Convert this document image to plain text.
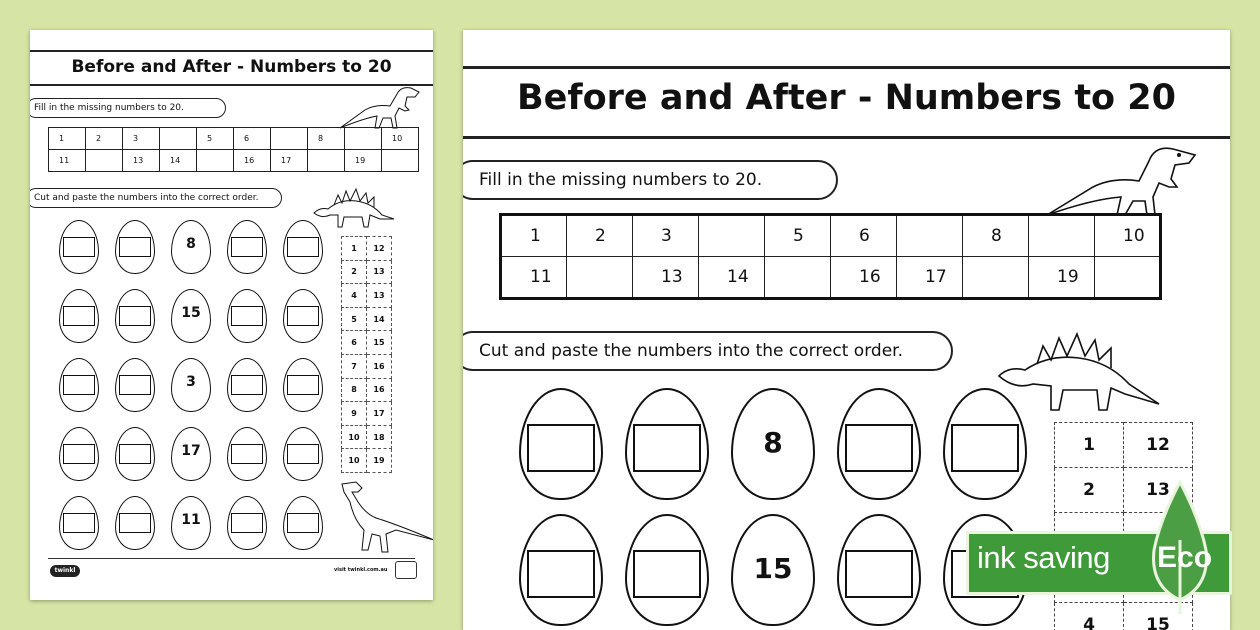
Before and After - Numbers to 20
Fill in the missing numbers to 20.
1	2	3		5	6		8		10
11		13	14		16	17		19	
Cut and paste the numbers into the correct order.
8
15
3
17
11
1	12
2	13
4	13
5	14
6	15
7	16
8	16
9	17
10	18
10	19
twinkl	visit twinkl.com.au
Before and After - Numbers to 20
Fill in the missing numbers to 20.
1	2	3		5	6		8		10
11		13	14		16	17		19	
Cut and paste the numbers into the correct order.
8
15
1	12
2	13

4	15
ink saving Eco
